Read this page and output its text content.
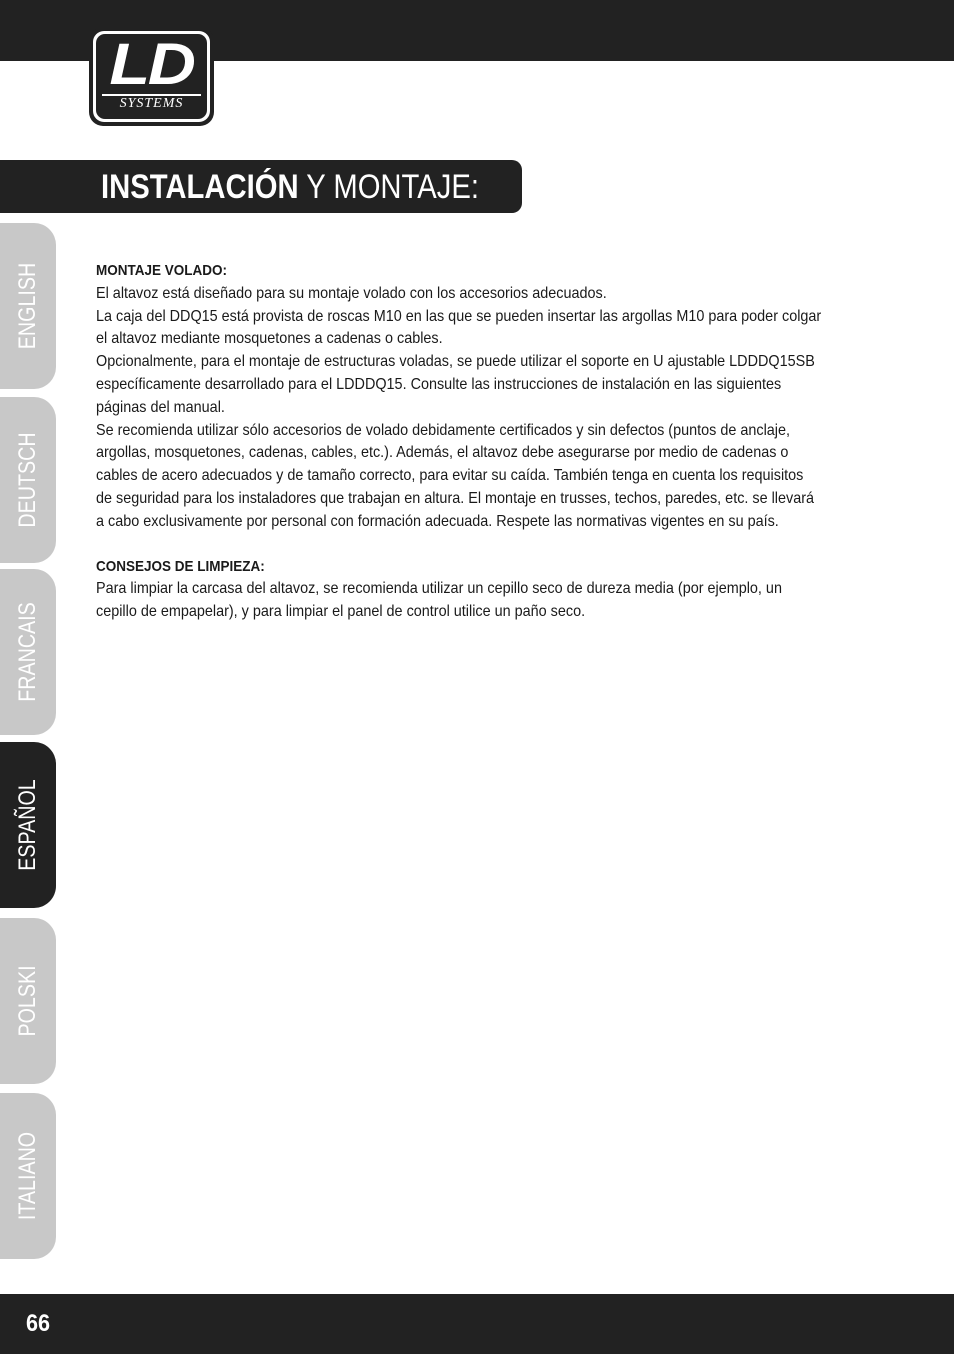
LD
SYSTEMS
INSTALACIÓN Y MONTAJE:
ENGLISH
DEUTSCH
FRANCAIS
ESPAÑOL
POLSKI
ITALIANO

MONTAJE VOLADO:

El altavoz está diseñado para su montaje volado con los accesorios adecuados.

La caja del DDQ15 está provista de roscas M10 en las que se pueden insertar las argollas M10 para poder colgar

el altavoz mediante mosquetones a cadenas o cables.

Opcionalmente, para el montaje de estructuras voladas, se puede utilizar el soporte en U ajustable LDDDQ15SB

específicamente desarrollado para el LDDDQ15. Consulte las instrucciones de instalación en las siguientes

páginas del manual.

Se recomienda utilizar sólo accesorios de volado debidamente certificados y sin defectos (puntos de anclaje,

argollas, mosquetones, cadenas, cables, etc.). Además, el altavoz debe asegurarse por medio de cadenas o

cables de acero adecuados y de tamaño correcto, para evitar su caída. También tenga en cuenta los requisitos

de seguridad para los instaladores que trabajan en altura. El montaje en trusses, techos, paredes, etc. se llevará

a cabo exclusivamente por personal con formación adecuada. Respete las normativas vigentes en su país.

CONSEJOS DE LIMPIEZA:

Para limpiar la carcasa del altavoz, se recomienda utilizar un cepillo seco de dureza media (por ejemplo, un

cepillo de empapelar), y para limpiar el panel de control utilice un paño seco.

66
